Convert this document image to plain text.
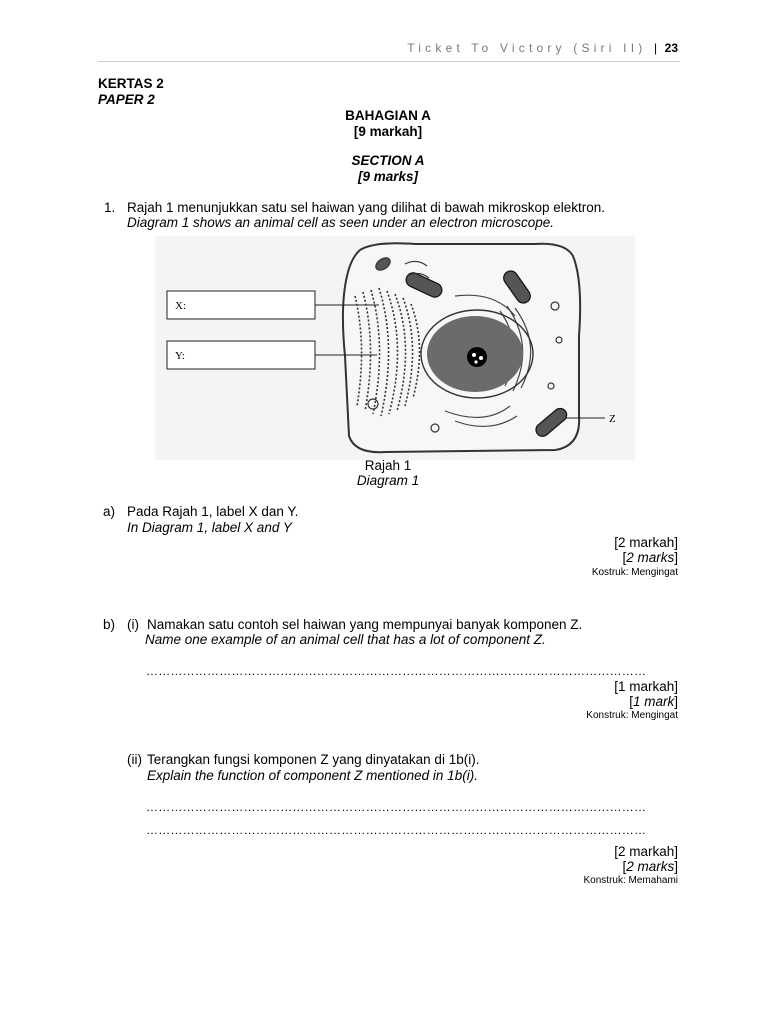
Ticket To Victory (Siri II) | 23
KERTAS 2
PAPER 2
BAHAGIAN A
[9 markah]
SECTION A
[9 marks]
1. Rajah 1 menunjukkan satu sel haiwan yang dilihat di bawah mikroskop elektron.
Diagram 1 shows an animal cell as seen under an electron microscope.
Z
X:
Y:
Rajah 1
Diagram 1
a) Pada Rajah 1, label X dan Y.
In Diagram 1, label X and Y
[2 markah]
[2 marks]
Kostruk: Mengingat
b) (i) Namakan satu contoh sel haiwan yang mempunyai banyak komponen Z.
Name one example of an animal cell that has a lot of component Z.
……………………………………………………………………………………………………………
[1 markah]
[1 mark]
Konstruk: Mengingat
(ii) Terangkan fungsi komponen Z yang dinyatakan di 1b(i).
Explain the function of component Z mentioned in 1b(i).
……………………………………………………………………………………………………………
……………………………………………………………………………………………………………
[2 markah]
[2 marks]
Konstruk: Memahami
